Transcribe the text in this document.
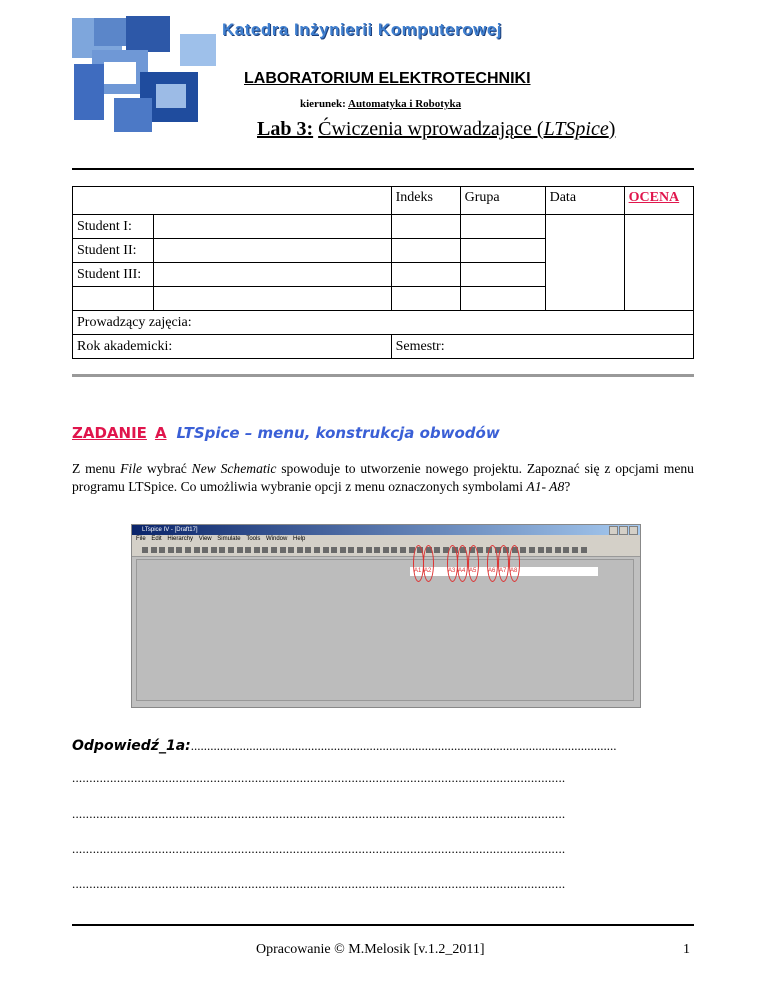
Katedra Inżynierii Komputerowej
LABORATORIUM ELEKTROTECHNIKI
kierunek: Automatyka i Robotyka
Lab 3: Ćwiczenia wprowadzające (LTSpice)
		Indeks	Grupa	Data	OCENA
Student I:					
Student II:					
Student III:					

Prowadzący zajęcia:					
Rok akademicki:		Semestr:			
ZADANIE A LTSpice – menu, konstrukcja obwodów
Z menu File wybrać New Schematic spowoduje to utworzenie nowego projektu. Zapoznać się z opcjami menu programu LTSpice. Co umożliwia wybranie opcji z menu oznaczonych symbolami A1- A8?
LTspice IV - [Draft17]
File Edit Hierarchy View Simulate Tools Window Help
A1 A2	A3 A4 A5 A6 A7 A8
Odpowiedź_1a:...................................................................................................................................
...............................................................................................................................................
...............................................................................................................................................
...............................................................................................................................................
...............................................................................................................................................
Opracowanie © M.Melosik [v.1.2_2011]	1
